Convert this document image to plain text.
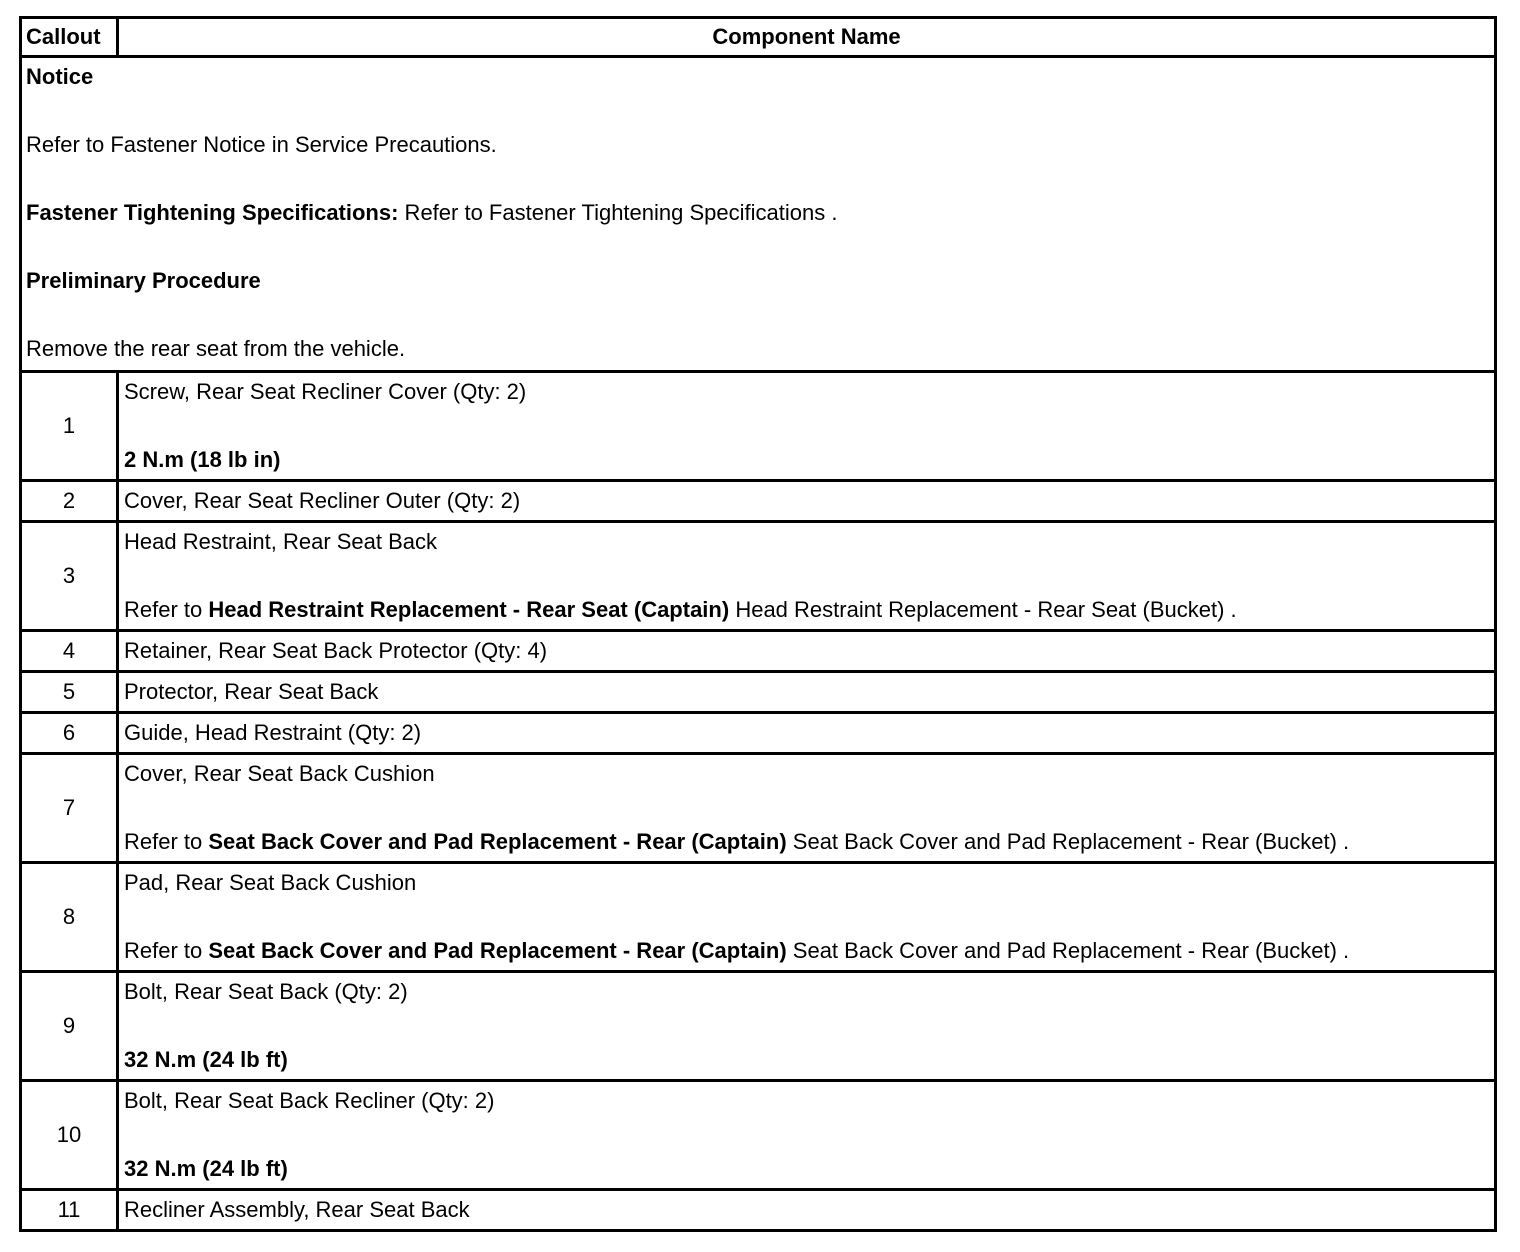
Callout	Component Name

Notice
Refer to Fastener Notice in Service Precautions.
Fastener Tightening Specifications: Refer to Fastener Tightening Specifications .
Preliminary Procedure
Remove the rear seat from the vehicle.	

1	Screw, Rear Seat Recliner Cover (Qty: 2)
2 N.m (18 lb in)

2	Cover, Rear Seat Recliner Outer (Qty: 2)

3	Head Restraint, Rear Seat Back
Refer to Head Restraint Replacement - Rear Seat (Captain) Head Restraint Replacement - Rear Seat (Bucket) .

4	Retainer, Rear Seat Back Protector (Qty: 4)

5	Protector, Rear Seat Back

6	Guide, Head Restraint (Qty: 2)

7	Cover, Rear Seat Back Cushion
Refer to Seat Back Cover and Pad Replacement - Rear (Captain) Seat Back Cover and Pad Replacement - Rear (Bucket) .

8	Pad, Rear Seat Back Cushion
Refer to Seat Back Cover and Pad Replacement - Rear (Captain) Seat Back Cover and Pad Replacement - Rear (Bucket) .

9	Bolt, Rear Seat Back (Qty: 2)
32 N.m (24 lb ft)

10	Bolt, Rear Seat Back Recliner (Qty: 2)
32 N.m (24 lb ft)

11	Recliner Assembly, Rear Seat Back
